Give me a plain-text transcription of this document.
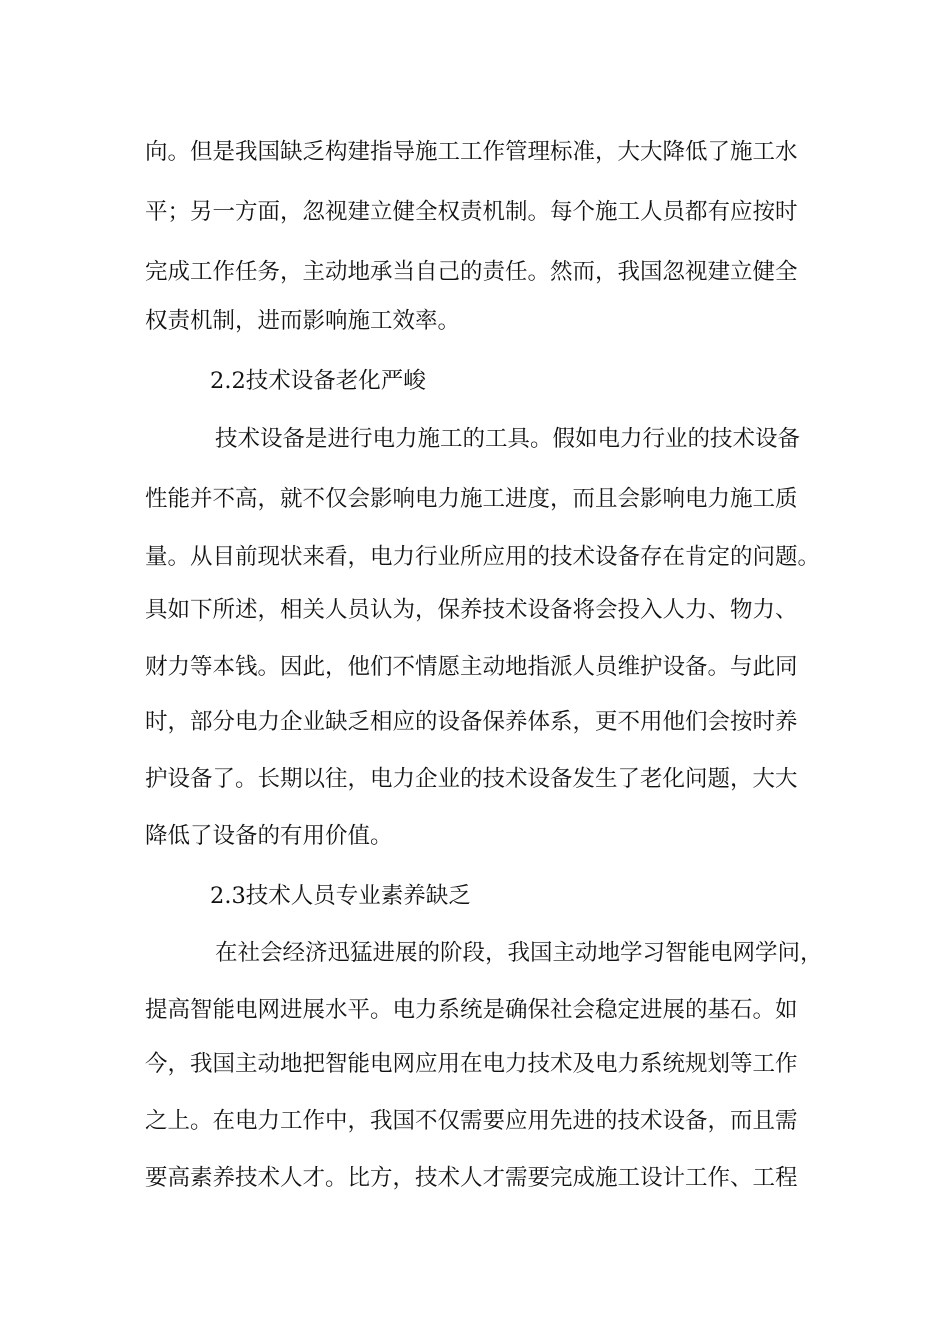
向。但是我国缺乏构建指导施工工作管理标准，大大降低了施工水
平；另一方面，忽视建立健全权责机制。每个施工人员都有应按时
完成工作任务，主动地承当自己的责任。然而，我国忽视建立健全
权责机制，进而影响施工效率。
2.2技术设备老化严峻
技术设备是进行电力施工的工具。假如电力行业的技术设备
性能并不高，就不仅会影响电力施工进度，而且会影响电力施工质
量。从目前现状来看，电力行业所应用的技术设备存在肯定的问题。
具如下所述，相关人员认为，保养技术设备将会投入人力、物力、
财力等本钱。因此，他们不情愿主动地指派人员维护设备。与此同
时，部分电力企业缺乏相应的设备保养体系，更不用他们会按时养
护设备了。长期以往，电力企业的技术设备发生了老化问题，大大
降低了设备的有用价值。
2.3技术人员专业素养缺乏
在社会经济迅猛进展的阶段，我国主动地学习智能电网学问，
提高智能电网进展水平。电力系统是确保社会稳定进展的基石。如
今，我国主动地把智能电网应用在电力技术及电力系统规划等工作
之上。在电力工作中，我国不仅需要应用先进的技术设备，而且需
要高素养技术人才。比方，技术人才需要完成施工设计工作、工程
